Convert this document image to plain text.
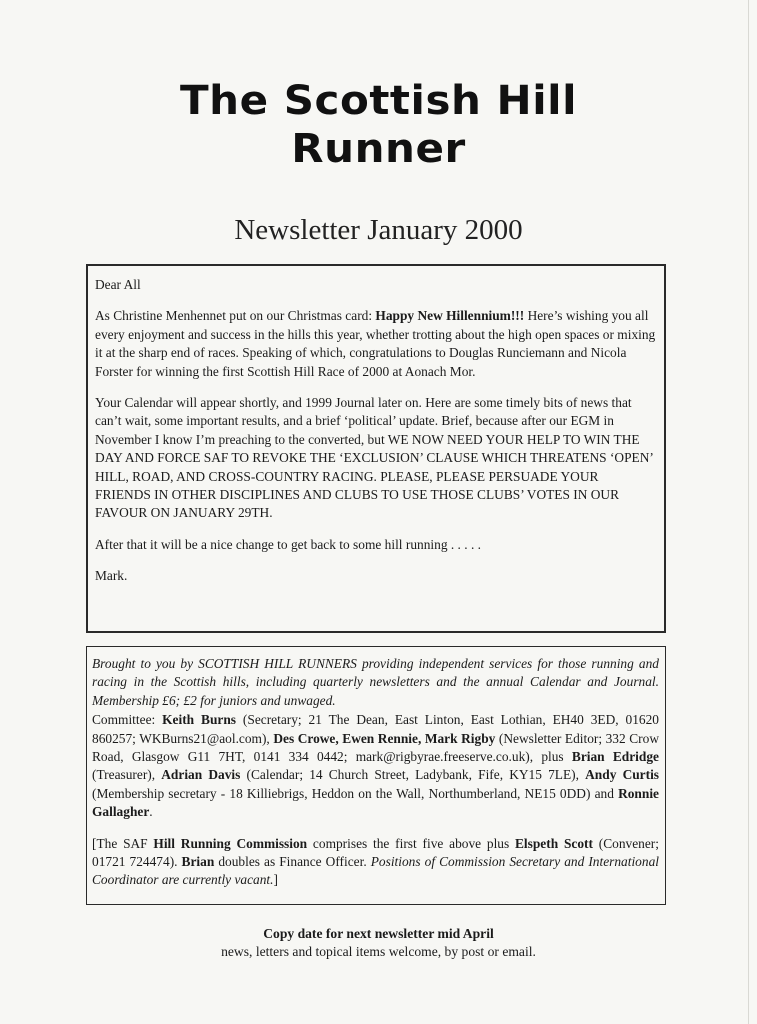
The Scottish Hill
Runner
Newsletter January 2000

Dear All

As Christine Menhennet put on our Christmas card: Happy New Hillennium!!! Here’s wishing you all every enjoyment and success in the hills this year, whether trotting about the high open spaces or mixing it at the sharp end of races. Speaking of which, congratulations to Douglas Runciemann and Nicola Forster for winning the first Scottish Hill Race of 2000 at Aonach Mor.

Your Calendar will appear shortly, and 1999 Journal later on. Here are some timely bits of news that can’t wait, some important results, and a brief ‘political’ update. Brief, because after our EGM in November I know I’m preaching to the converted, but WE NOW NEED YOUR HELP TO WIN THE DAY AND FORCE SAF TO REVOKE THE ‘EXCLUSION’ CLAUSE WHICH THREATENS ‘OPEN’ HILL, ROAD, AND CROSS-COUNTRY RACING. PLEASE, PLEASE PERSUADE YOUR FRIENDS IN OTHER DISCIPLINES AND CLUBS TO USE THOSE CLUBS’ VOTES IN OUR FAVOUR ON JANUARY 29TH.

After that it will be a nice change to get back to some hill running . . . . .

Mark.

Brought to you by SCOTTISH HILL RUNNERS providing independent services for those running and racing in the Scottish hills, including quarterly newsletters and the annual Calendar and Journal. Membership £6; £2 for juniors and unwaged.

Committee: Keith Burns (Secretary; 21 The Dean, East Linton, East Lothian, EH40 3ED, 01620 860257; WKBurns21@aol.com), Des Crowe, Ewen Rennie, Mark Rigby (Newsletter Editor; 332 Crow Road, Glasgow G11 7HT, 0141 334 0442; mark@rigbyrae.freeserve.co.uk), plus Brian Edridge (Treasurer), Adrian Davis (Calendar; 14 Church Street, Ladybank, Fife, KY15 7LE), Andy Curtis (Membership secretary - 18 Killiebrigs, Heddon on the Wall, Northumberland, NE15 0DD) and Ronnie Gallagher.

[The SAF Hill Running Commission comprises the first five above plus Elspeth Scott (Convener; 01721 724474). Brian doubles as Finance Officer. Positions of Commission Secretary and International Coordinator are currently vacant.]

Copy date for next newsletter mid April
news, letters and topical items welcome, by post or email.
